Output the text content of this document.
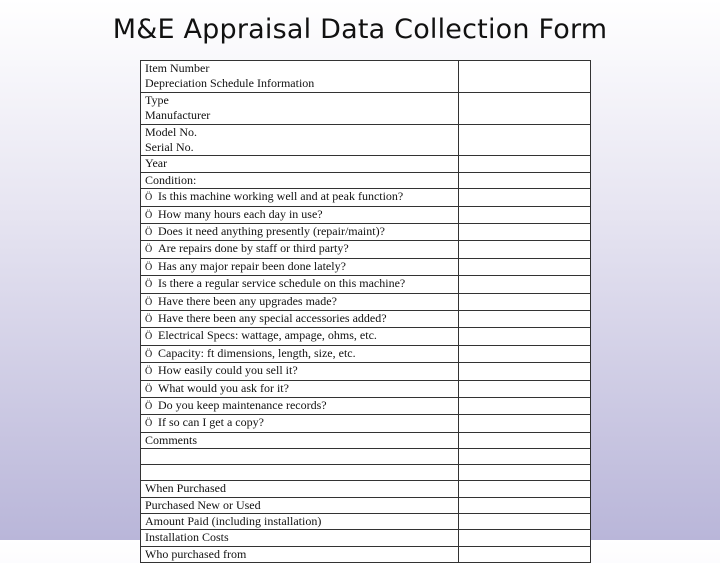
M&E Appraisal Data Collection Form
Item Number
Depreciation Schedule Information	

Type
Manufacturer	

Model No.
Serial No.	

Year	
Condition:	
Ö Is this machine working well and at peak function?	
Ö How many hours each day in use?	
Ö Does it need anything presently (repair/maint)?	
Ö Are repairs done by staff or third party?	
Ö Has any major repair been done lately?	
Ö Is there a regular service schedule on this machine?	
Ö Have there been any upgrades made?	
Ö Have there been any special accessories added?	
Ö Electrical Specs: wattage, ampage, ohms, etc.	
Ö Capacity: ft dimensions, length, size, etc.	
Ö How easily could you sell it?	
Ö What would you ask for it?	
Ö Do you keep maintenance records?	
Ö If so can I get a copy?	
Comments	

When Purchased	
Purchased New or Used	
Amount Paid (including installation)	
Installation Costs	
Who purchased from	
